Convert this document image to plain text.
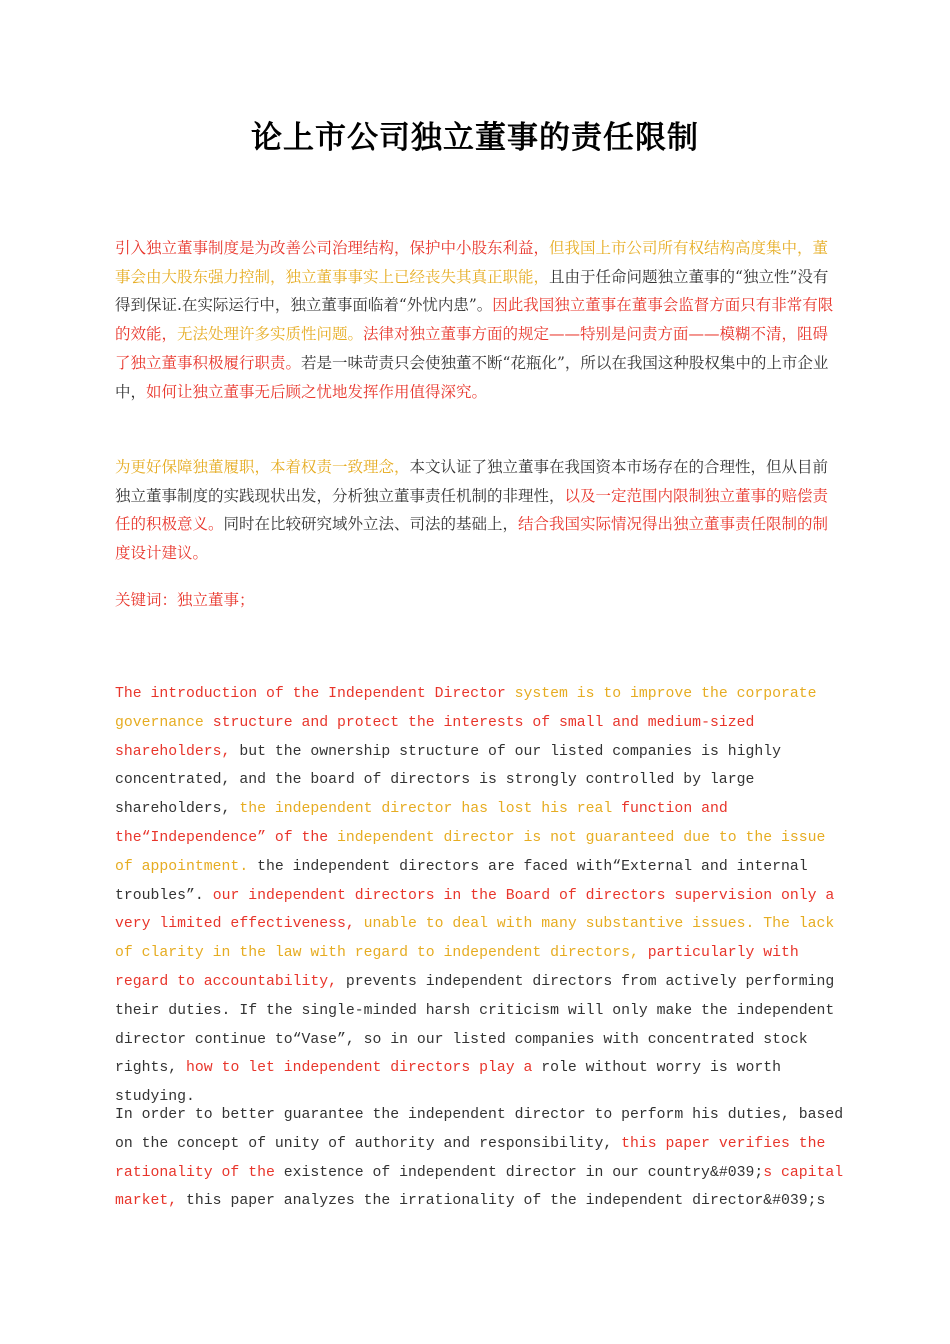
论上市公司独立董事的责任限制

引入独立董事制度是为改善公司治理结构，保护中小股东利益，但我国上市公司所有权结构高度集中，董事会由大股东强力控制，独立董事事实上已经丧失其真正职能，且由于任命问题独立董事的“独立性”没有得到保证.在实际运行中，独立董事面临着“外忧内患”。因此我国独立董事在董事会监督方面只有非常有限的效能，无法处理许多实质性问题。法律对独立董事方面的规定——特别是问责方面——模糊不清，阻碍了独立董事积极履行职责。若是一味苛责只会使独董不断“花瓶化”，所以在我国这种股权集中的上市企业中，如何让独立董事无后顾之忧地发挥作用值得深究。

为更好保障独董履职，本着权责一致理念，本文认证了独立董事在我国资本市场存在的合理性，但从目前独立董事制度的实践现状出发，分析独立董事责任机制的非理性，以及一定范围内限制独立董事的赔偿责任的积极意义。同时在比较研究域外立法、司法的基础上，结合我国实际情况得出独立董事责任限制的制度设计建议。

关键词：独立董事；

The introduction of the Independent Director system is to improve the corporate governance structure and protect the interests of small and medium-sized shareholders, but the ownership structure of our listed companies is highly concentrated, and the board of directors is strongly controlled by large shareholders, the independent director has lost his real function and the“Independence” of the independent director is not guaranteed due to the issue of appointment. the independent directors are faced with“External and internal troubles”. our independent directors in the Board of directors supervision only a very limited effectiveness, unable to deal with many substantive issues. The lack of clarity in the law with regard to independent directors, particularly with regard to accountability, prevents independent directors from actively performing their duties. If the single-minded harsh criticism will only make the independent director continue to“Vase”, so in our listed companies with concentrated stock rights, how to let independent directors play a role without worry is worth studying.

In order to better guarantee the independent director to perform his duties, based on the concept of unity of authority and responsibility, this paper verifies the rationality of the existence of independent director in our country&#039;s capital market, this paper analyzes the irrationality of the independent director&#039;s
